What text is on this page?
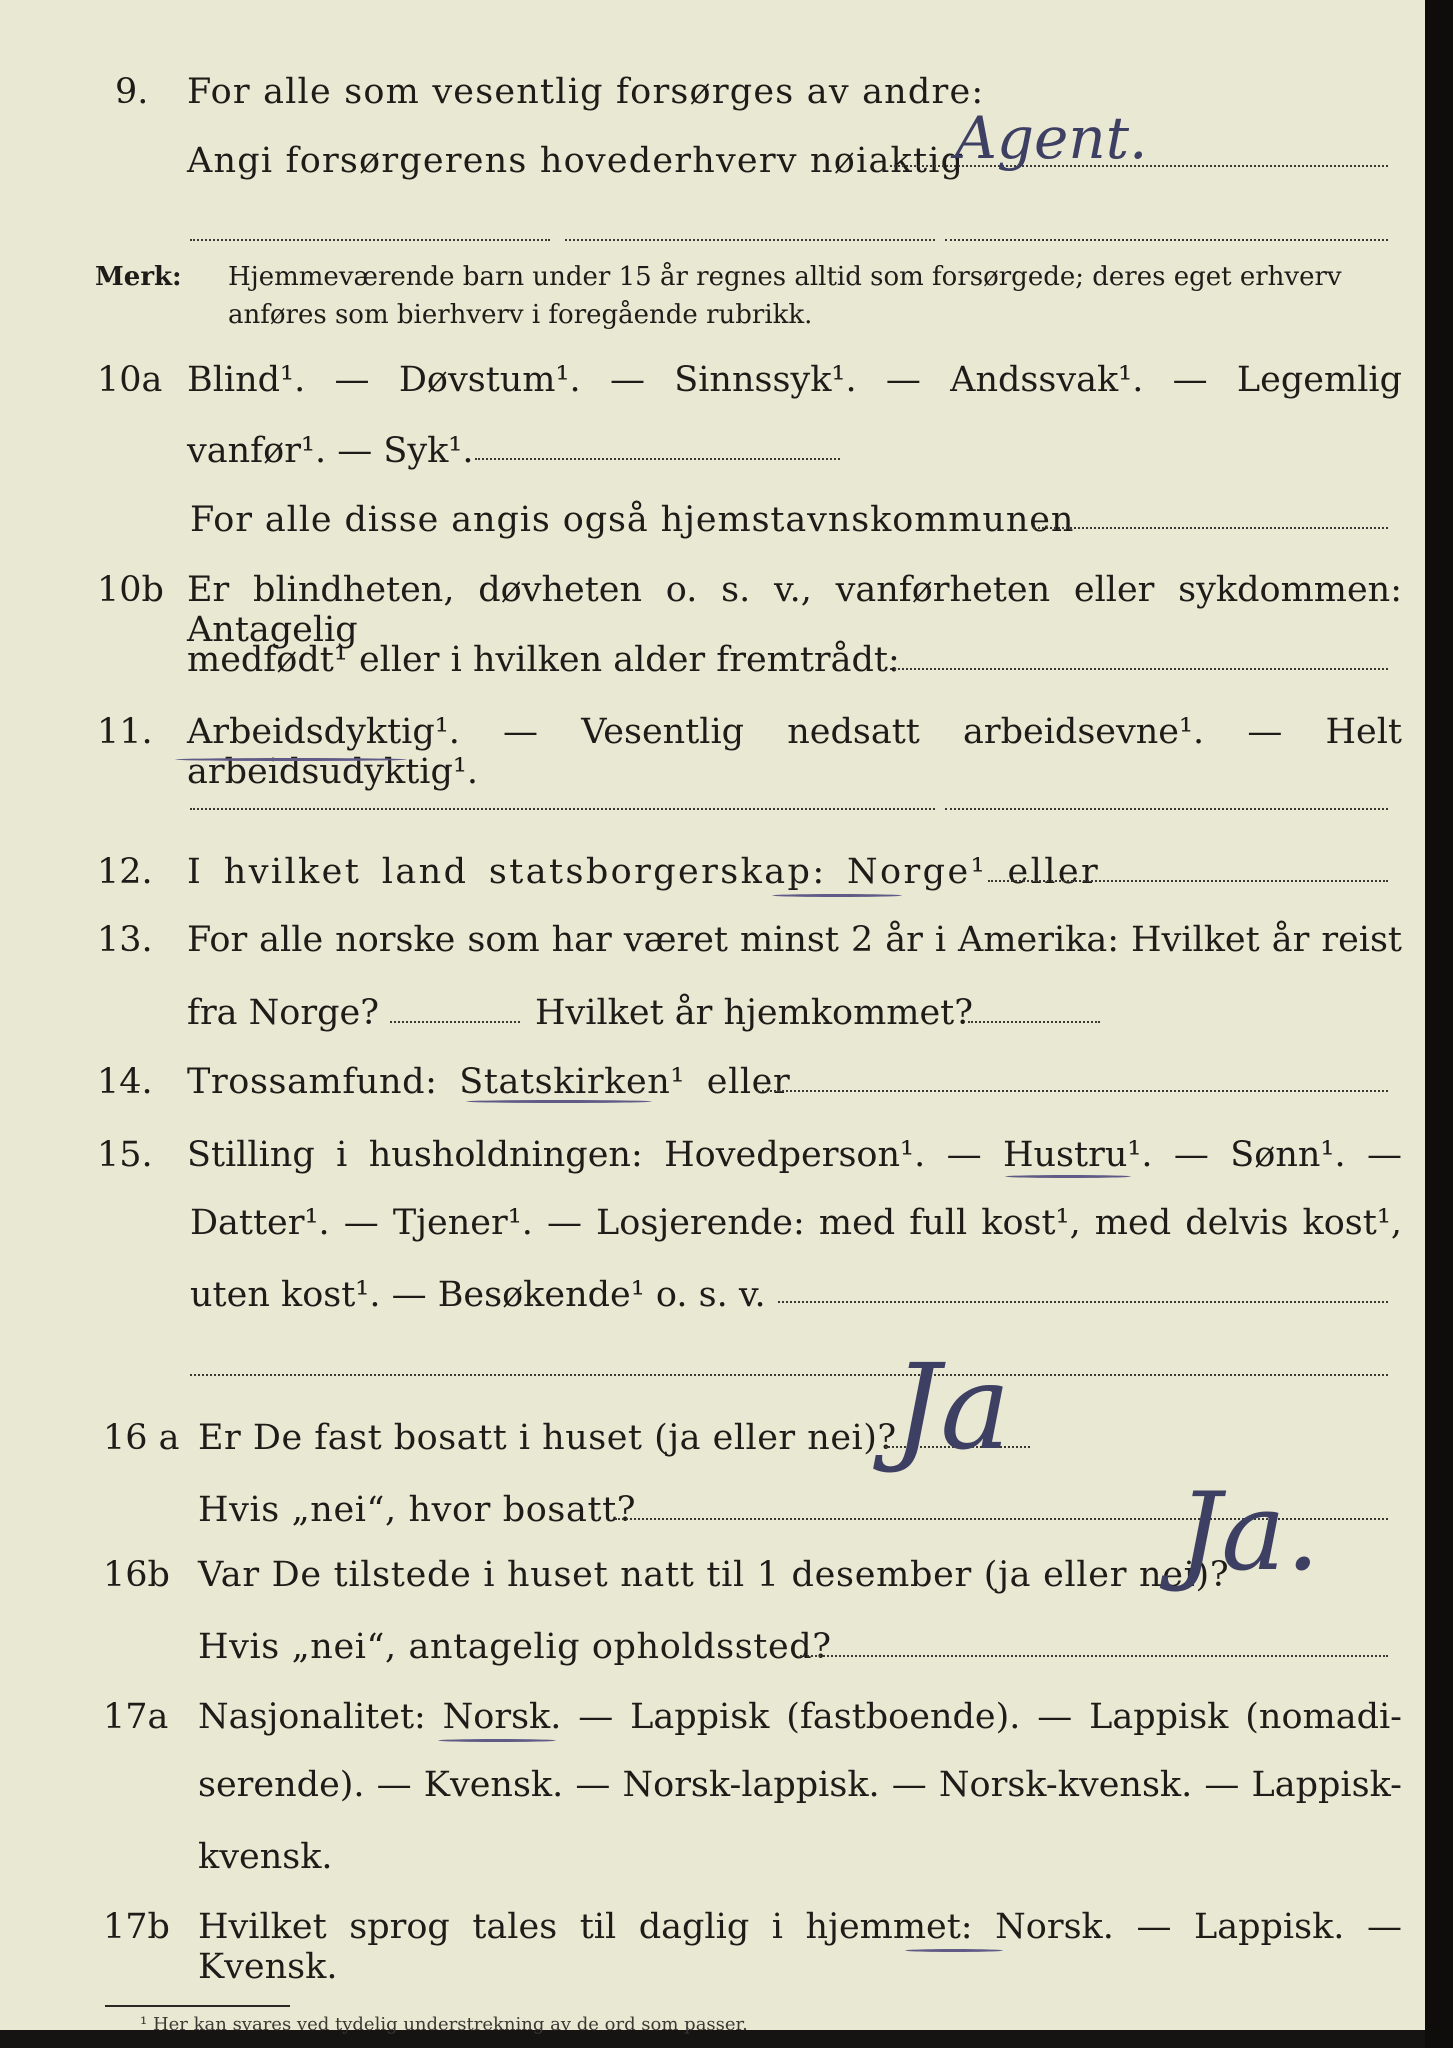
9. For alle som vesentlig forsørges av andre:
Angi forsørgerens hovederhverv nøiaktig
Agent.
Merk: Hjemmeværende barn under 15 år regnes alltid som forsørgede; deres eget erhverv
anføres som bierhverv i foregående rubrikk.
10a Blind¹. — Døvstum¹. — Sinnssyk¹. — Andssvak¹. — Legemlig
vanfør¹. — Syk¹.
For alle disse angis også hjemstavnskommunen
10b Er blindheten, døvheten o. s. v., vanførheten eller sykdommen: Antagelig
medfødt¹ eller i hvilken alder fremtrådt:
11. Arbeidsdyktig¹. — Vesentlig nedsatt arbeidsevne¹. — Helt arbeidsudyktig¹.
12. I hvilket land statsborgerskap: Norge¹ eller
13. For alle norske som har været minst 2 år i Amerika: Hvilket år reist
fra Norge?	Hvilket år hjemkommet?
14. Trossamfund: Statskirken¹ eller
15. Stilling i husholdningen: Hovedperson¹. — Hustru¹. — Sønn¹. —
Datter¹. — Tjener¹. — Losjerende: med full kost¹, med delvis kost¹,
uten kost¹. — Besøkende¹ o. s. v.
16 a Er De fast bosatt i huset (ja eller nei)?
Ja
Hvis „nei“, hvor bosatt?
16b Var De tilstede i huset natt til 1 desember (ja eller nei)?
Ja.
Hvis „nei“, antagelig opholdssted?
17a Nasjonalitet: Norsk. — Lappisk (fastboende). — Lappisk (nomadi-
serende). — Kvensk. — Norsk-lappisk. — Norsk-kvensk. — Lappisk-
kvensk.
17b Hvilket sprog tales til daglig i hjemmet: Norsk. — Lappisk. — Kvensk.
¹ Her kan svares ved tydelig understrekning av de ord som passer.
